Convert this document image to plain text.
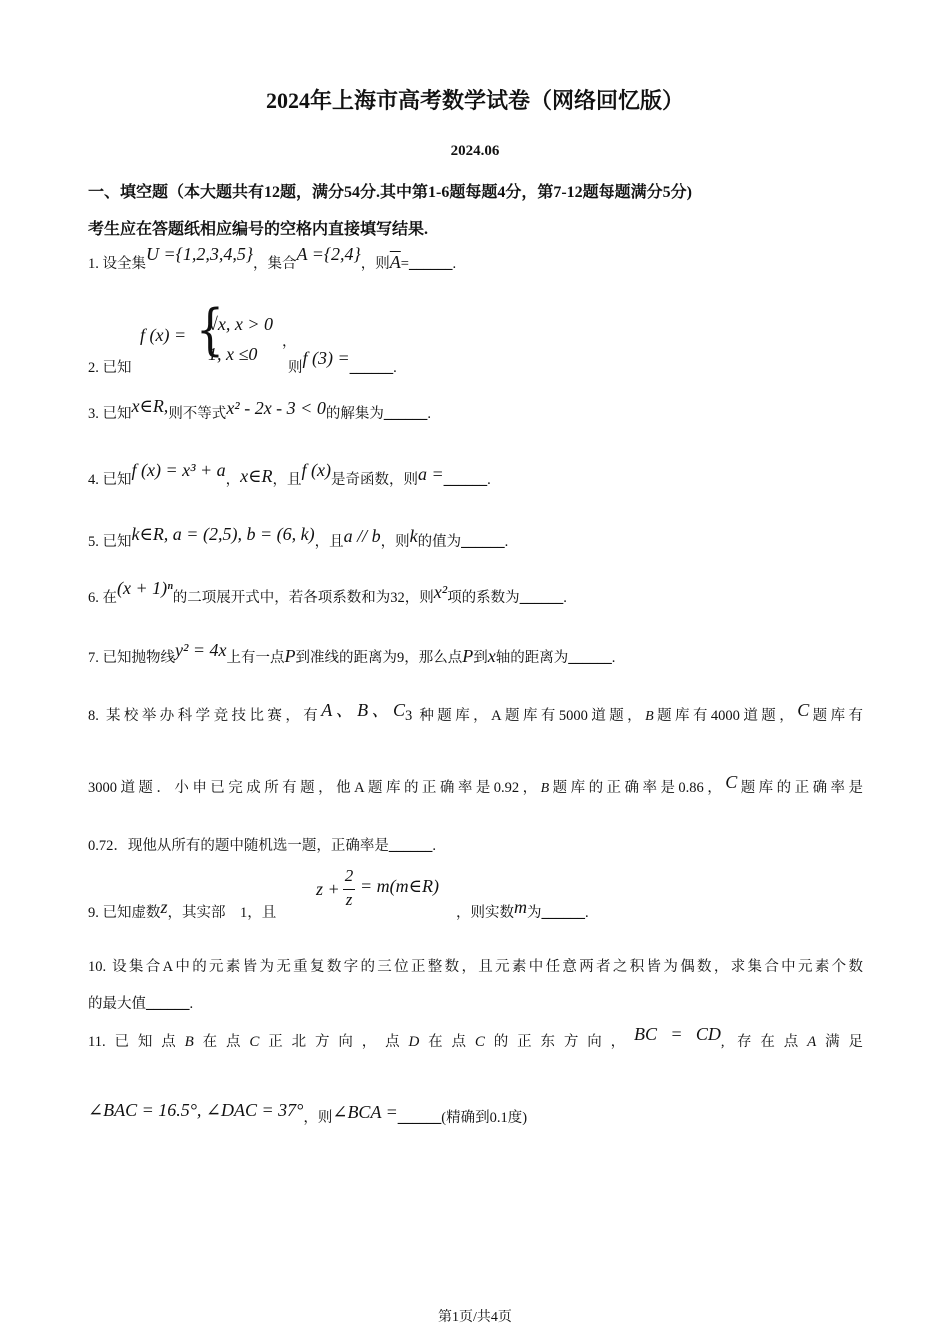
2024年上海市高考数学试卷（网络回忆版）
2024.06
一、填空题（本大题共有12题，满分54分.其中第1-6题每题4分，第7-12题每题满分5分)
考生应在答题纸相应编号的空格内直接填写结果.
1. 设全集U ={1,2,3,4,5}，集合A ={2,4}，则$\overline{A}=\_\_\_\_\_\_$.
2. 已知
f (x) = {
√x, x > 0
1, x ≤0
，
则f (3) =______.
3. 已知x∈R,则不等式x² - 2x - 3 < 0的解集为______.
4. 已知f (x) = x³ + a，x∈R，且f (x)是奇函数，则a =______.
5. 已知k∈R, a = (2,5), b = (6, k)，且a // b，则k的值为______.
6. 在(x + 1)ⁿ的二项展开式中，若各项系数和为32，则x²项的系数为______.
7. 已知抛物线y² = 4x上有一点P到准线的距离为9，那么点P到x轴的距离为______.
8. 某校举办科学竞技比赛，有A、B、C3 种题库，A题库有5000道题，B题库有4000道题，C题库有
3000道题．小申已完成所有题，他A题库的正确率是0.92，B题库的正确率是0.86，C题库的正确率是
0.72．现他从所有的题中随机选一题，正确率是______.
9. 已知虚数z，其实部 1，且
z +
2
z
= m(m∈R)
，则实数m为______.
10. 设集合A中的元素皆为无重复数字的三位正整数，且元素中任意两者之积皆为偶数，求集合中元素个数
的最大值______.
11.已知点B在点C正北方向，点D在点C的正东方向，BC = CD, 存在点A满足
∠BAC = 16.5°, ∠DAC = 37°，则∠BCA =______(精确到0.1度)
第1页/共4页
